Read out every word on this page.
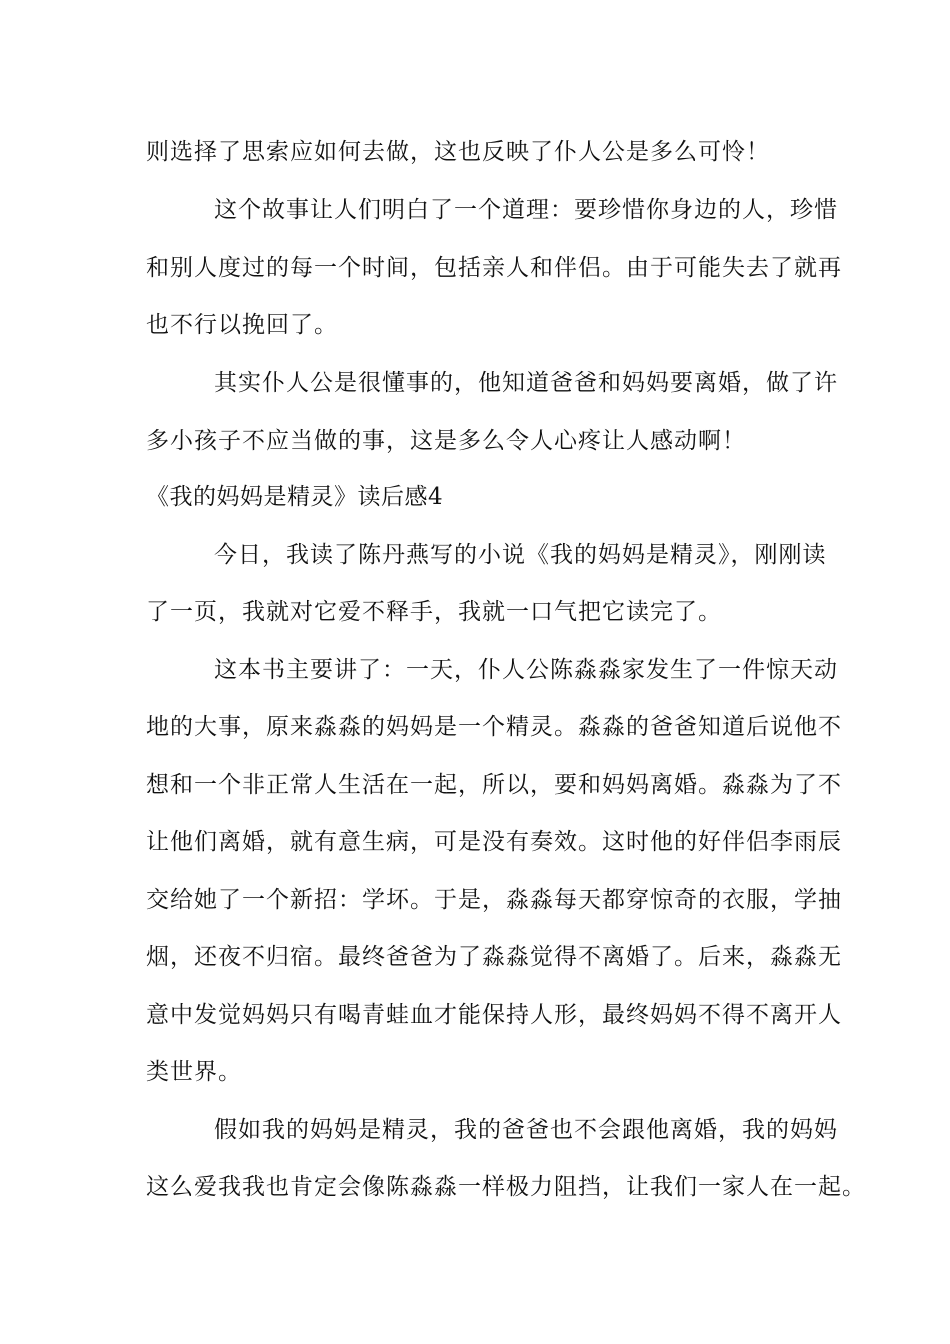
则选择了思索应如何去做，这也反映了仆人公是多么可怜！
这个故事让人们明白了一个道理：要珍惜你身边的人，珍惜
和别人度过的每一个时间，包括亲人和伴侣。由于可能失去了就再
也不行以挽回了。
其实仆人公是很懂事的，他知道爸爸和妈妈要离婚，做了许
多小孩子不应当做的事，这是多么令人心疼让人感动啊！
《我的妈妈是精灵》读后感4
今日，我读了陈丹燕写的小说《我的妈妈是精灵》，刚刚读
了一页，我就对它爱不释手，我就一口气把它读完了。
这本书主要讲了：一天，仆人公陈淼淼家发生了一件惊天动
地的大事，原来淼淼的妈妈是一个精灵。淼淼的爸爸知道后说他不
想和一个非正常人生活在一起，所以，要和妈妈离婚。淼淼为了不
让他们离婚，就有意生病，可是没有奏效。这时他的好伴侣李雨辰
交给她了一个新招：学坏。于是，淼淼每天都穿惊奇的衣服，学抽
烟，还夜不归宿。最终爸爸为了淼淼觉得不离婚了。后来，淼淼无
意中发觉妈妈只有喝青蛙血才能保持人形，最终妈妈不得不离开人
类世界。
假如我的妈妈是精灵，我的爸爸也不会跟他离婚，我的妈妈
这么爱我我也肯定会像陈淼淼一样极力阻挡，让我们一家人在一起。
